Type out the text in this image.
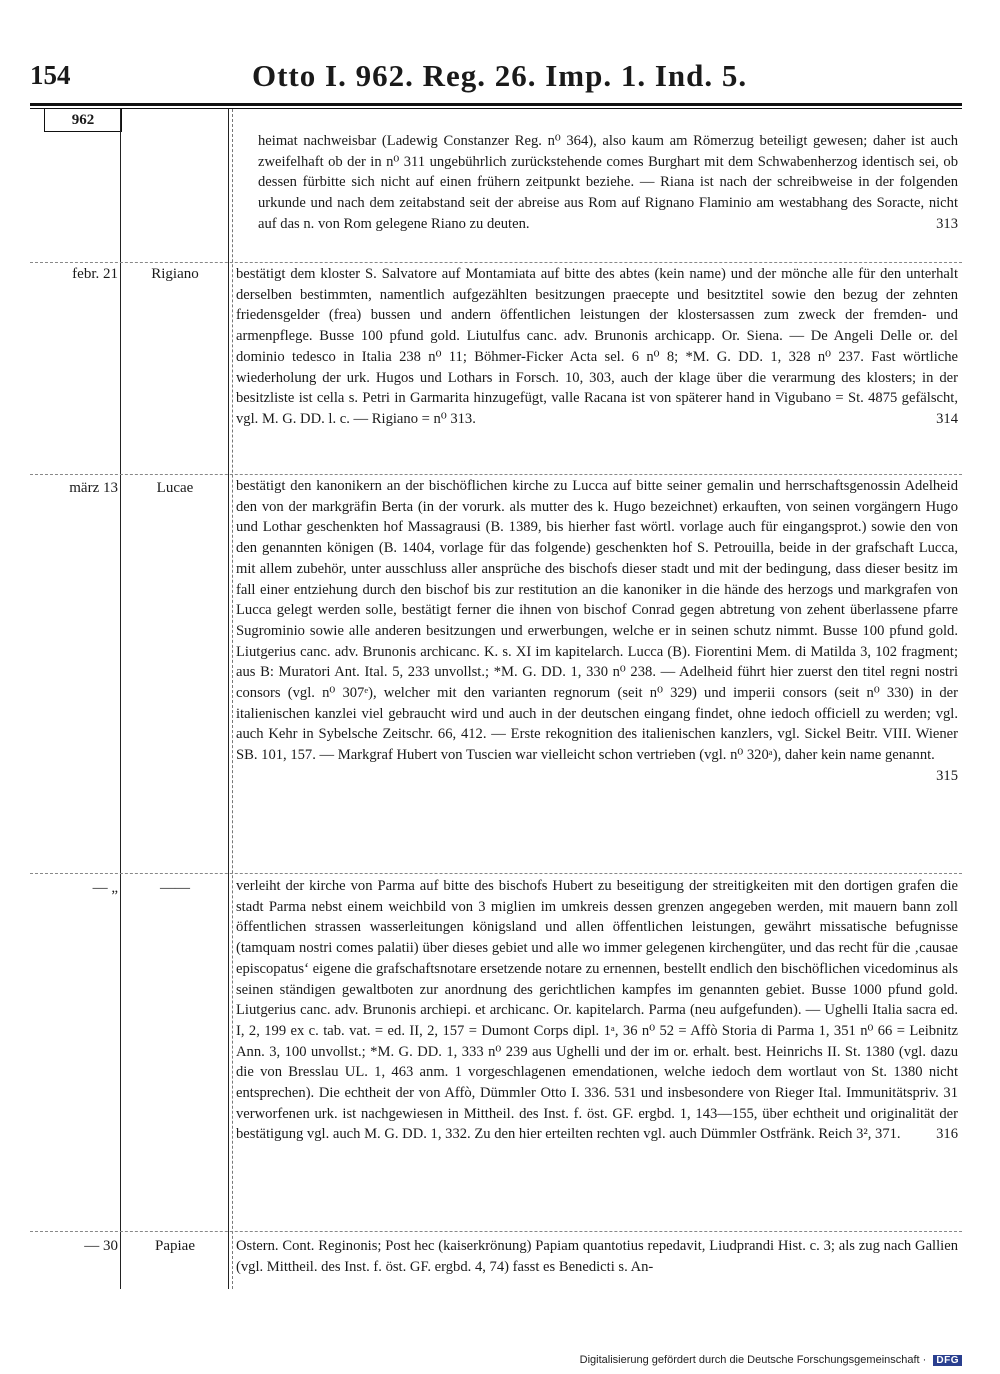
154	Otto I. 962. Reg. 26. Imp. 1. Ind. 5.
962

heimat nachweisbar (Ladewig Constanzer Reg. n⁰ 364), also kaum am Römerzug beteiligt gewesen; daher ist auch zweifelhaft ob der in n⁰ 311 ungebührlich zurückstehende comes Burghart mit dem Schwabenherzog identisch sei, ob dessen fürbitte sich nicht auf einen frühern zeitpunkt beziehe. — Riana ist nach der schreibweise in der folgenden urkunde und nach dem zeitabstand seit der abreise aus Rom auf Rignano Flaminio am westabhang des Soracte, nicht auf das n. von Rom gelegene Riano zu deuten.	313

febr. 21	Rigiano	bestätigt dem kloster S. Salvatore auf Montamiata auf bitte des abtes (kein name) und der mönche alle für den unterhalt derselben bestimmten, namentlich aufgezählten besitzungen praecepte und besitztitel sowie den bezug der zehnten friedensgelder (frea) bussen und andern öffentlichen leistungen der klostersassen zum zweck der fremden- und armenpflege. Busse 100 pfund gold. Liutulfus canc. adv. Brunonis archicapp. Or. Siena. — De Angeli Delle or. del dominio tedesco in Italia 238 n⁰ 11; Böhmer-Ficker Acta sel. 6 n⁰ 8; *M. G. DD. 1, 328 n⁰ 237. Fast wörtliche wiederholung der urk. Hugos und Lothars in Forsch. 10, 303, auch der klage über die verarmung des klosters; in der besitzliste ist cella s. Petri in Garmarita hinzugefügt, valle Racana ist von späterer hand in Vigubano = St. 4875 gefälscht, vgl. M. G. DD. l. c. — Rigiano = n⁰ 313.	314

märz 13	Lucae	bestätigt den kanonikern an der bischöflichen kirche zu Lucca auf bitte seiner gemalin und herrschaftsgenossin Adelheid den von der markgräfin Berta (in der vorurk. als mutter des k. Hugo bezeichnet) erkauften, von seinen vorgängern Hugo und Lothar geschenkten hof Massagrausi (B. 1389, bis hierher fast wörtl. vorlage auch für eingangsprot.) sowie den von den genannten königen (B. 1404, vorlage für das folgende) geschenkten hof S. Petrouilla, beide in der grafschaft Lucca, mit allem zubehör, unter ausschluss aller ansprüche des bischofs dieser stadt und mit der bedingung, dass dieser besitz im fall einer entziehung durch den bischof bis zur restitution an die kanoniker in die hände des herzogs und markgrafen von Lucca gelegt werden solle, bestätigt ferner die ihnen von bischof Conrad gegen abtretung von zehent überlassene pfarre Sugrominio sowie alle anderen besitzungen und erwerbungen, welche er in seinen schutz nimmt. Busse 100 pfund gold. Liutgerius canc. adv. Brunonis archicanc. K. s. XI im kapitelarch. Lucca (B). Fiorentini Mem. di Matilda 3, 102 fragment; aus B: Muratori Ant. Ital. 5, 233 unvollst.; *M. G. DD. 1, 330 n⁰ 238. — Adelheid führt hier zuerst den titel regni nostri consors (vgl. n⁰ 307ᵉ), welcher mit den varianten regnorum (seit n⁰ 329) und imperii consors (seit n⁰ 330) in der italienischen kanzlei viel gebraucht wird und auch in der deutschen eingang findet, ohne iedoch officiell zu werden; vgl. auch Kehr in Sybelsche Zeitschr. 66, 412. — Erste rekognition des italienischen kanzlers, vgl. Sickel Beitr. VIII. Wiener SB. 101, 157. — Markgraf Hubert von Tuscien war vielleicht schon vertrieben (vgl. n⁰ 320ᵃ), daher kein name genannt.
315

— „	——	verleiht der kirche von Parma auf bitte des bischofs Hubert zu beseitigung der streitigkeiten mit den dortigen grafen die stadt Parma nebst einem weichbild von 3 miglien im umkreis dessen grenzen angegeben werden, mit mauern bann zoll öffentlichen strassen wasserleitungen königsland und allen öffentlichen leistungen, gewährt missatische befugnisse (tamquam nostri comes palatii) über dieses gebiet und alle wo immer gelegenen kirchengüter, und das recht für die ‚causae episcopatus‘ eigene die grafschaftsnotare ersetzende notare zu ernennen, bestellt endlich den bischöflichen vicedominus als seinen ständigen gewaltboten zur anordnung des gerichtlichen kampfes im genannten gebiet. Busse 1000 pfund gold. Liutgerius canc. adv. Brunonis archiepi. et archicanc. Or. kapitelarch. Parma (neu aufgefunden). — Ughelli Italia sacra ed. I, 2, 199 ex c. tab. vat. = ed. II, 2, 157 = Dumont Corps dipl. 1ᵃ, 36 n⁰ 52 = Affò Storia di Parma 1, 351 n⁰ 66 = Leibnitz Ann. 3, 100 unvollst.; *M. G. DD. 1, 333 n⁰ 239 aus Ughelli und der im or. erhalt. best. Heinrichs II. St. 1380 (vgl. dazu die von Bresslau UL. 1, 463 anm. 1 vorgeschlagenen emendationen, welche iedoch dem wortlaut von St. 1380 nicht entsprechen). Die echtheit der von Affò, Dümmler Otto I. 336. 531 und insbesondere von Rieger Ital. Immunitätspriv. 31 verworfenen urk. ist nachgewiesen in Mittheil. des Inst. f. öst. GF. ergbd. 1, 143—155, über echtheit und originalität der bestätigung vgl. auch M. G. DD. 1, 332. Zu den hier erteilten rechten vgl. auch Dümmler Ostfränk. Reich 3², 371. 316

— 30	Papiae	Ostern. Cont. Reginonis; Post hec (kaiserkrönung) Papiam quantotius repedavit, Liudprandi Hist. c. 3; als zug nach Gallien (vgl. Mittheil. des Inst. f. öst. GF. ergbd. 4, 74) fasst es Benedicti s. An-

Digitalisierung gefördert durch die Deutsche Forschungsgemeinschaft · DFG
